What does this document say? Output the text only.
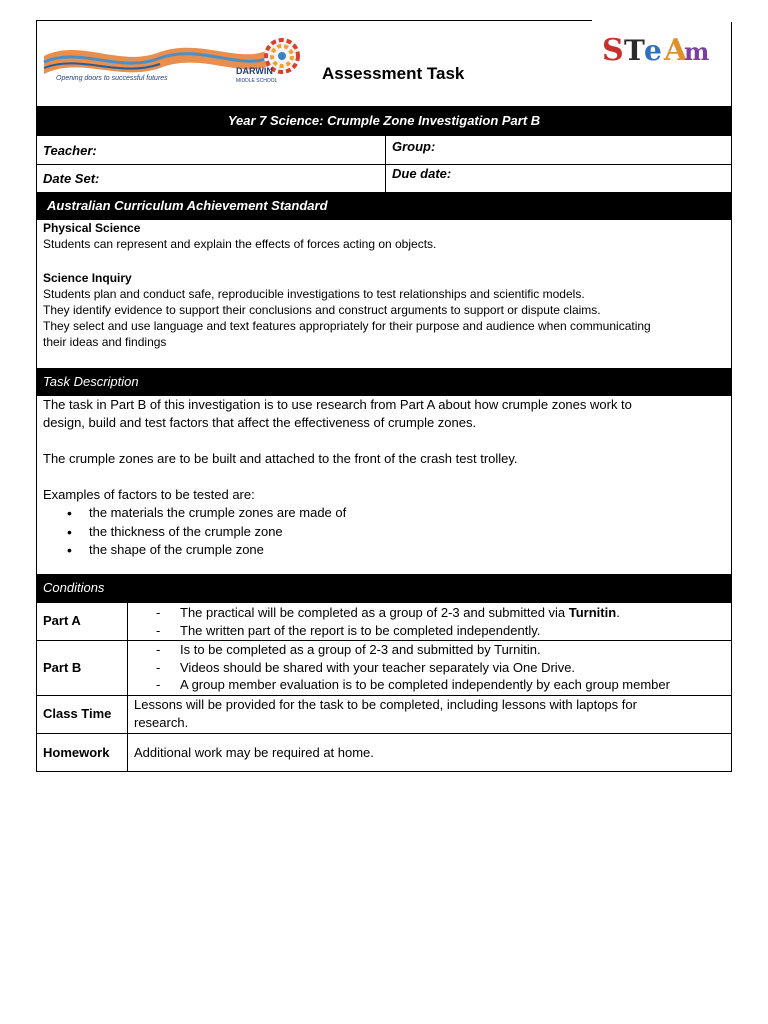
DARWIN
MIDDLE SCHOOL
Opening doors to successful futures	Assessment Task
S T e A
m
Year 7 Science: Crumple Zone Investigation Part B
Teacher:	Group:
Date Set:	Due date:
Australian Curriculum Achievement Standard
Physical Science
Students can represent and explain the effects of forces acting on objects.
Science Inquiry
Students plan and conduct safe, reproducible investigations to test relationships and scientific models.
They identify evidence to support their conclusions and construct arguments to support or dispute claims.
They select and use language and text features appropriately for their purpose and audience when communicating
their ideas and findings
Task Description
The task in Part B of this investigation is to use research from Part A about how crumple zones work to
design, build and test factors that affect the effectiveness of crumple zones.
The crumple zones are to be built and attached to the front of the crash test trolley.
Examples of factors to be tested are:
• the materials the crumple zones are made of
• the thickness of the crumple zone
• the shape of the crumple zone
Conditions
Part A
- The practical will be completed as a group of 2-3 and submitted via Turnitin.
- The written part of the report is to be completed independently.
Part B
- Is to be completed as a group of 2-3 and submitted by Turnitin.
- Videos should be shared with your teacher separately via One Drive.
- A group member evaluation is to be completed independently by each group member
Class Time
Lessons will be provided for the task to be completed, including lessons with laptops for
research.
Homework Additional work may be required at home.
